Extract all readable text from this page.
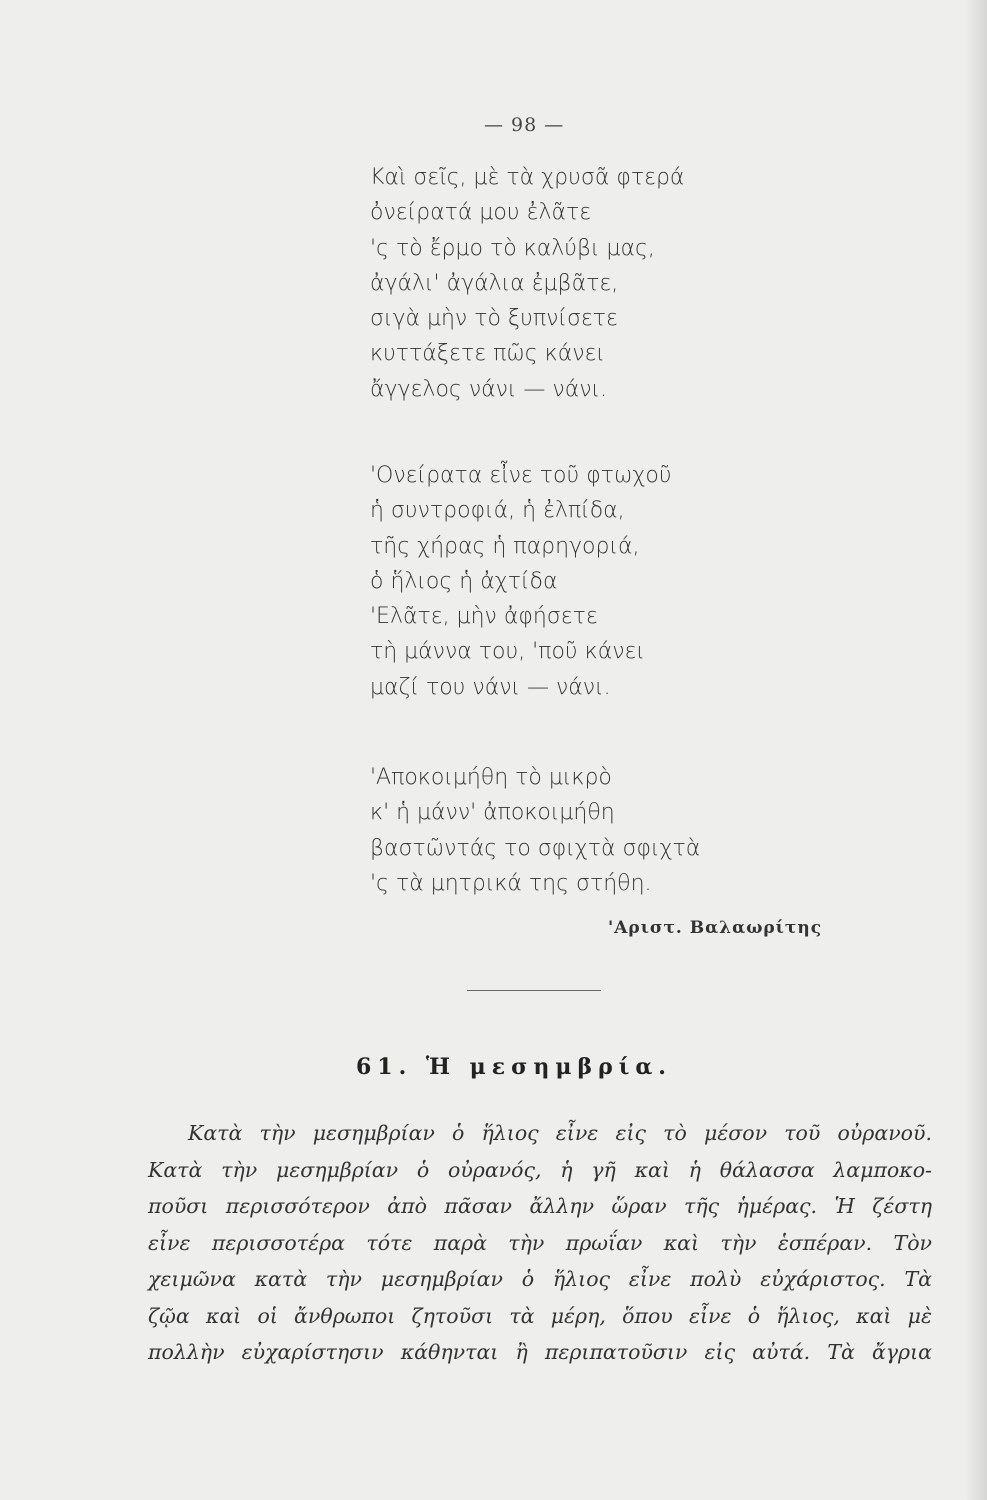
— 98 —
Καὶ σεῖς, μὲ τὰ χρυσᾶ φτερά
ὀνείρατά μου ἐλᾶτε
'ς τὸ ἔρμο τὸ καλύβι μας,
ἀγάλι' ἀγάλια ἐμβᾶτε,
σιγὰ μὴν τὸ ξυπνίσετε
κυττάξετε πῶς κάνει
ἄγγελος νάνι — νάνι.
'Ονείρατα εἶνε τοῦ φτωχοῦ
ἡ συντροφιά, ἡ ἐλπίδα,
τῆς χήρας ἡ παρηγοριά,
ὁ ἥλιος ἡ ἀχτίδα
'Ελᾶτε, μὴν ἀφήσετε
τὴ μάννα του, 'ποῦ κάνει
μαζί του νάνι — νάνι.
'Αποκοιμήθη τὸ μικρὸ
κ' ἡ μάνν' ἀποκοιμήθη
βαστῶντάς το σφιχτὰ σφιχτὰ
'ς τὰ μητρικά της στήθη.
'Αριστ. Βαλαωρίτης
61. Ἡ μεσημβρία.
Κατὰ τὴν μεσημβρίαν ὁ ἥλιος εἶνε εἰς τὸ μέσον τοῦ οὐρανοῦ.
Κατὰ τὴν μεσημβρίαν ὁ οὐρανός, ἡ γῆ καὶ ἡ θάλασσα λαμποκο-
ποῦσι περισσότερον ἀπὸ πᾶσαν ἄλλην ὥραν τῆς ἡμέρας. Ἡ ζέστη
εἶνε περισσοτέρα τότε παρὰ τὴν πρωΐαν καὶ τὴν ἑσπέραν. Τὸν
χειμῶνα κατὰ τὴν μεσημβρίαν ὁ ἥλιος εἶνε πολὺ εὐχάριστος. Τὰ
ζῷα καὶ οἱ ἄνθρωποι ζητοῦσι τὰ μέρη, ὅπου εἶνε ὁ ἥλιος, καὶ μὲ
πολλὴν εὐχαρίστησιν κάθηνται ἢ περιπατοῦσιν εἰς αὐτά. Τὰ ἄγρια
